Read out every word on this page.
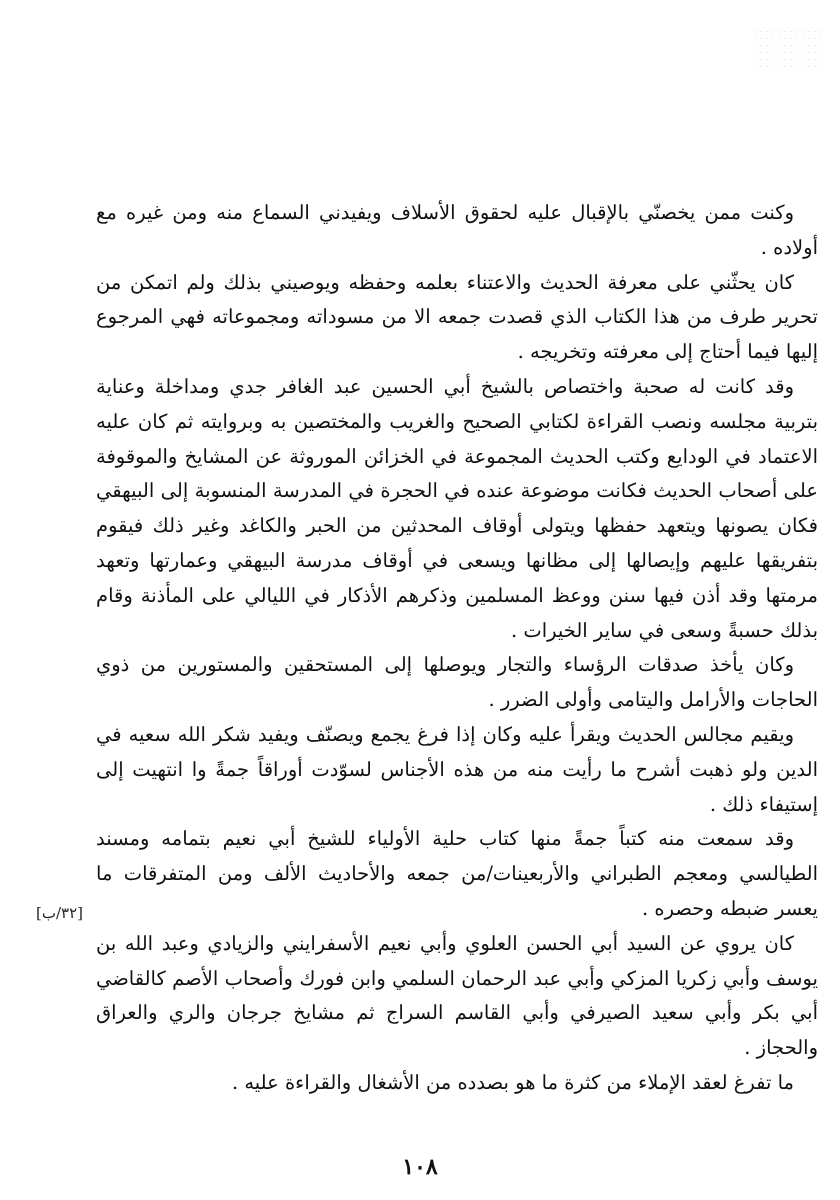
وكنت ممن يخصنّي بالإقبال عليه لحقوق الأسلاف ويفيدني السماع منه ومن غيره مع أولاده .

كان يحثّني على معرفة الحديث والاعتناء بعلمه وحفظه ويوصيني بذلك ولم اتمكن من تحرير طرف من هذا الكتاب الذي قصدت جمعه الا من مسوداته ومجموعاته فهي المرجوع إليها فيما أحتاج إلى معرفته وتخريجه .

وقد كانت له صحبة واختصاص بالشيخ أبي الحسين عبد الغافر جدي ومداخلة وعناية بتربية مجلسه ونصب القراءة لكتابي الصحيح والغريب والمختصين به وبروايته ثم كان عليه الاعتماد في الودايع وكتب الحديث المجموعة في الخزائن الموروثة عن المشايخ والموقوفة على أصحاب الحديث فكانت موضوعة عنده في الحجرة في المدرسة المنسوبة إلى البيهقي فكان يصونها ويتعهد حفظها ويتولى أوقاف المحدثين من الحبر والكاغد وغير ذلك فيقوم بتفريقها عليهم وإيصالها إلى مظانها ويسعى في أوقاف مدرسة البيهقي وعمارتها وتعهد مرمتها وقد أذن فيها سنن ووعظ المسلمين وذكرهم الأذكار في الليالي على المأذنة وقام بذلك حسبةً وسعى في ساير الخيرات .

وكان يأخذ صدقات الرؤساء والتجار ويوصلها إلى المستحقين والمستورين من ذوي الحاجات والأرامل واليتامى وأولى الضرر .

ويقيم مجالس الحديث ويقرأ عليه وكان إذا فرغ يجمع ويصنّف ويفيد شكر الله سعيه في الدين ولو ذهبت أشرح ما رأيت منه من هذه الأجناس لسوّدت أوراقاً جمةً وا انتهيت إلى إستيفاء ذلك .

وقد سمعت منه كتباً جمةً منها كتاب حلية الأولياء للشيخ أبي نعيم بتمامه ومسند الطيالسي ومعجم الطبراني والأربعينات/من جمعه والأحاديث الألف ومن المتفرقات ما يعسر ضبطه وحصره .

كان يروي عن السيد أبي الحسن العلوي وأبي نعيم الأسفرايني والزيادي وعبد الله بن يوسف وأبي زكريا المزكي وأبي عبد الرحمان السلمي وابن فورك وأصحاب الأصم كالقاضي أبي بكر وأبي سعيد الصيرفي وأبي القاسم السراج ثم مشايخ جرجان والري والعراق والحجاز .

ما تفرغ لعقد الإملاء من كثرة ما هو بصدده من الأشغال والقراءة عليه .

[٣٢/ب]
١٠٨
